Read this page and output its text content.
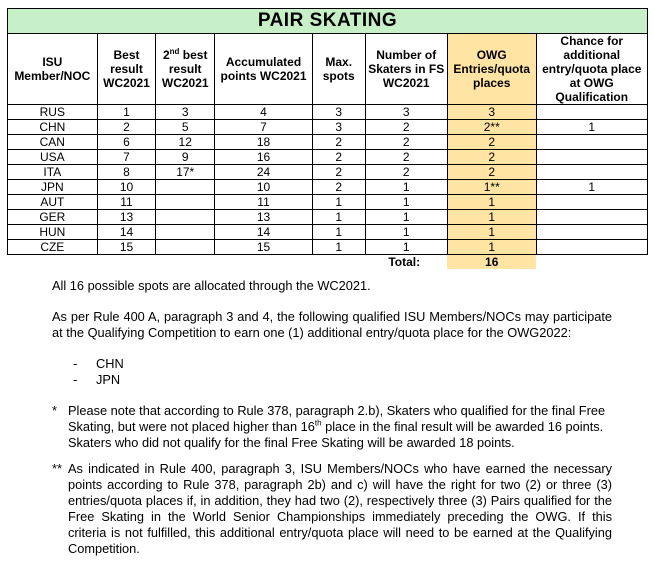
PAIR SKATING							
ISU Member/NOC	Best result WC2021	2nd best result WC2021	Accumulated points WC2021	Max. spots	Number of Skaters in FS WC2021	OWG Entries/quota places	Chance for additional entry/quota place at OWG Qualification
RUS	1	3	4	3	3	3	
CHN	2	5	7	3	2	2**	1
CAN	6	12	18	2	2	2	
USA	7	9	16	2	2	2	
ITA	8	17*	24	2	2	2	
JPN	10		10	2	1	1**	1
AUT	11		11	1	1	1	
GER	13		13	1	1	1	
HUN	14		14	1	1	1	
CZE	15		15	1	1	1	
					Total:	16	

All 16 possible spots are allocated through the WC2021.

As per Rule 400 A, paragraph 3 and 4, the following qualified ISU Members/NOCs may participate at the Qualifying Competition to earn one (1) additional entry/quota place for the OWG2022:

- CHN
- JPN
* Please note that according to Rule 378, paragraph 2.b), Skaters who qualified for the final Free Skating, but were not placed higher than 16th place in the final result will be awarded 16 points. Skaters who did not qualify for the final Free Skating will be awarded 18 points.
** As indicated in Rule 400, paragraph 3, ISU Members/NOCs who have earned the necessary points according to Rule 378, paragraph 2b) and c) will have the right for two (2) or three (3) entries/quota places if, in addition, they had two (2), respectively three (3) Pairs qualified for the Free Skating in the World Senior Championships immediately preceding the OWG. If this criteria is not fulfilled, this additional entry/quota place will need to be earned at the Qualifying Competition.
